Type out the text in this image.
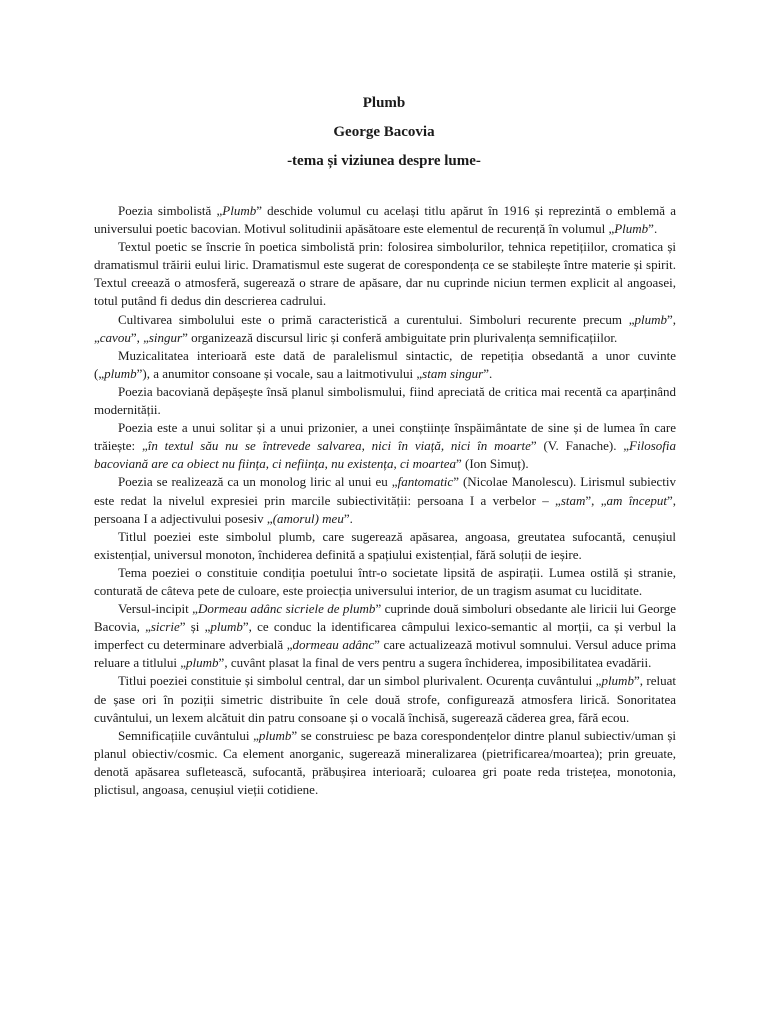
Plumb
George Bacovia
-tema și viziunea despre lume-

Poezia simbolistă „Plumb” deschide volumul cu același titlu apărut în 1916 și reprezintă o emblemă a universului poetic bacovian. Motivul solitudinii apăsătoare este elementul de recurență în volumul „Plumb”.

Textul poetic se înscrie în poetica simbolistă prin: folosirea simbolurilor, tehnica repetițiilor, cromatica și dramatismul trăirii eului liric. Dramatismul este sugerat de corespondența ce se stabilește între materie și spirit. Textul creează o atmosferă, sugerează o strare de apăsare, dar nu cuprinde niciun termen explicit al angoasei, totul putând fi dedus din descrierea cadrului.

Cultivarea simbolului este o primă caracteristică a curentului. Simboluri recurente precum „plumb”, „cavou”, „singur” organizează discursul liric și conferă ambiguitate prin plurivalența semnificațiilor.

Muzicalitatea interioară este dată de paralelismul sintactic, de repetiția obsedantă a unor cuvinte („plumb”), a anumitor consoane și vocale, sau a laitmotivului „stam singur”.

Poezia bacoviană depășește însă planul simbolismului, fiind apreciată de critica mai recentă ca aparținând modernității.

Poezia este a unui solitar și a unui prizonier, a unei conștiințe înspăimântate de sine și de lumea în care trăiește: „în textul său nu se întrevede salvarea, nici în viață, nici în moarte” (V. Fanache). „Filosofia bacoviană are ca obiect nu ființa, ci neființa, nu existența, ci moartea” (Ion Simuț).

Poezia se realizează ca un monolog liric al unui eu „fantomatic” (Nicolae Manolescu). Lirismul subiectiv este redat la nivelul expresiei prin marcile subiectivității: persoana I a verbelor – „stam”, „am început”, persoana I a adjectivului posesiv „(amorul) meu”.

Titlul poeziei este simbolul plumb, care sugerează apăsarea, angoasa, greutatea sufocantă, cenușiul existențial, universul monoton, închiderea definită a spațiului existențial, fără soluții de ieșire.

Tema poeziei o constituie condiția poetului într-o societate lipsită de aspirații. Lumea ostilă și stranie, conturată de câteva pete de culoare, este proiecția universului interior, de un tragism asumat cu luciditate.

Versul-incipit „Dormeau adânc sicriele de plumb” cuprinde două simboluri obsedante ale liricii lui George Bacovia, „sicrie” și „plumb”, ce conduc la identificarea câmpului lexico-semantic al morții, ca și verbul la imperfect cu determinare adverbială „dormeau adânc” care actualizează motivul somnului. Versul aduce prima reluare a titlului „plumb”, cuvânt plasat la final de vers pentru a sugera închiderea, imposibilitatea evadării.

Titlui poeziei constituie și simbolul central, dar un simbol plurivalent. Ocurența cuvântului „plumb”, reluat de șase ori în poziții simetric distribuite în cele două strofe, configurează atmosfera lirică. Sonoritatea cuvântului, un lexem alcătuit din patru consoane și o vocală închisă, sugerează căderea grea, fără ecou.

Semnificațiile cuvântului „plumb” se construiesc pe baza corespondențelor dintre planul subiectiv/uman și planul obiectiv/cosmic. Ca element anorganic, sugerează mineralizarea (pietrificarea/moartea); prin greuate, denotă apăsarea sufletească, sufocantă, prăbușirea interioară; culoarea gri poate reda tristețea, monotonia, plictisul, angoasa, cenușiul vieții cotidiene.
